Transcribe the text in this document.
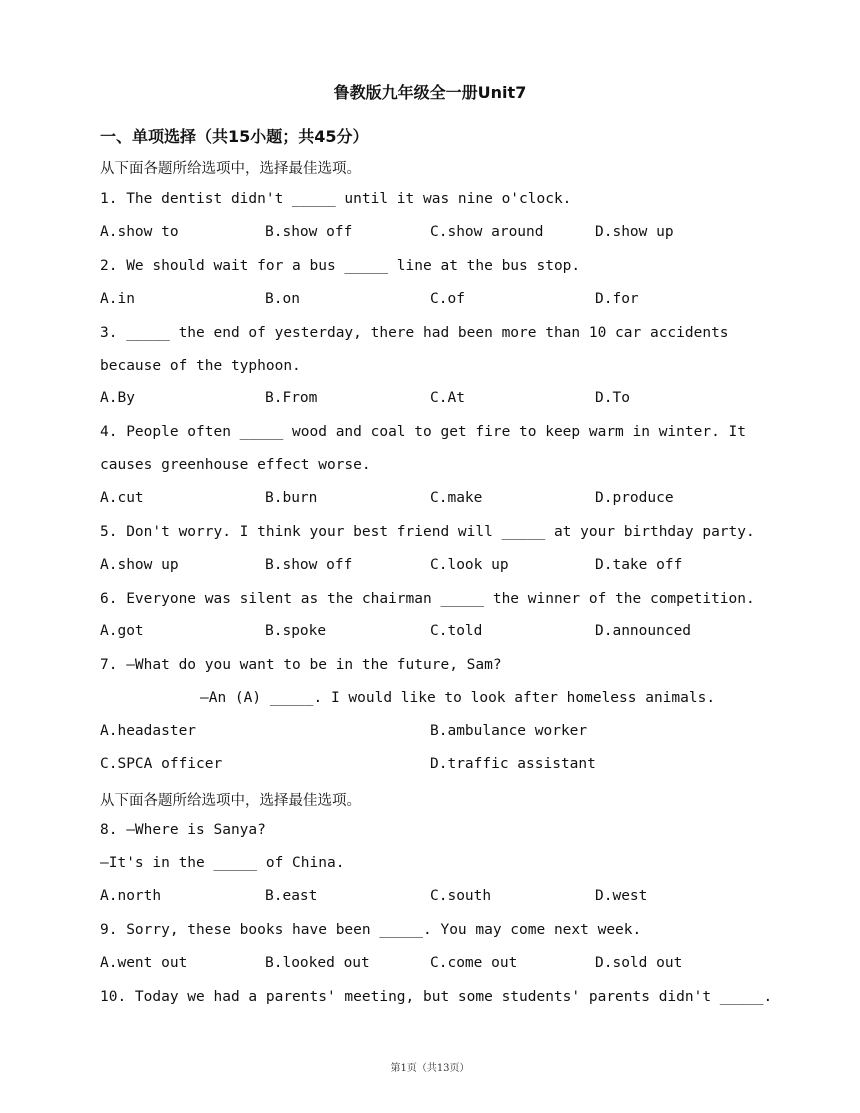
鲁教版九年级全一册Unit7
一、单项选择（共15小题；共45分）
从下面各题所给选项中，选择最佳选项。
1. The dentist didn't _____ until it was nine o'clock.
A.show to	B.show off	C.show around	D.show up
2. We should wait for a bus _____ line at the bus stop.
A.in	B.on	C.of	D.for
3. _____ the end of yesterday, there had been more than 10 car accidents
because of the typhoon.
A.By	B.From	C.At	D.To
4. People often _____ wood and coal to get fire to keep warm in winter. It
causes greenhouse effect worse.
A.cut	B.burn	C.make	D.produce
5. Don't worry. I think your best friend will _____ at your birthday party.
A.show up	B.show off	C.look up	D.take off
6. Everyone was silent as the chairman _____ the winner of the competition.
A.got	B.spoke	C.told	D.announced
7. —What do you want to be in the future, Sam?
—An (A) _____. I would like to look after homeless animals.
A.headaster	B.ambulance worker
C.SPCA officer	D.traffic assistant
从下面各题所给选项中，选择最佳选项。
8. —Where is Sanya?
—It's in the _____ of China.
A.north	B.east	C.south	D.west
9. Sorry, these books have been _____. You may come next week.
A.went out	B.looked out	C.come out	D.sold out
10. Today we had a parents' meeting, but some students' parents didn't _____.
第1页（共13页）
